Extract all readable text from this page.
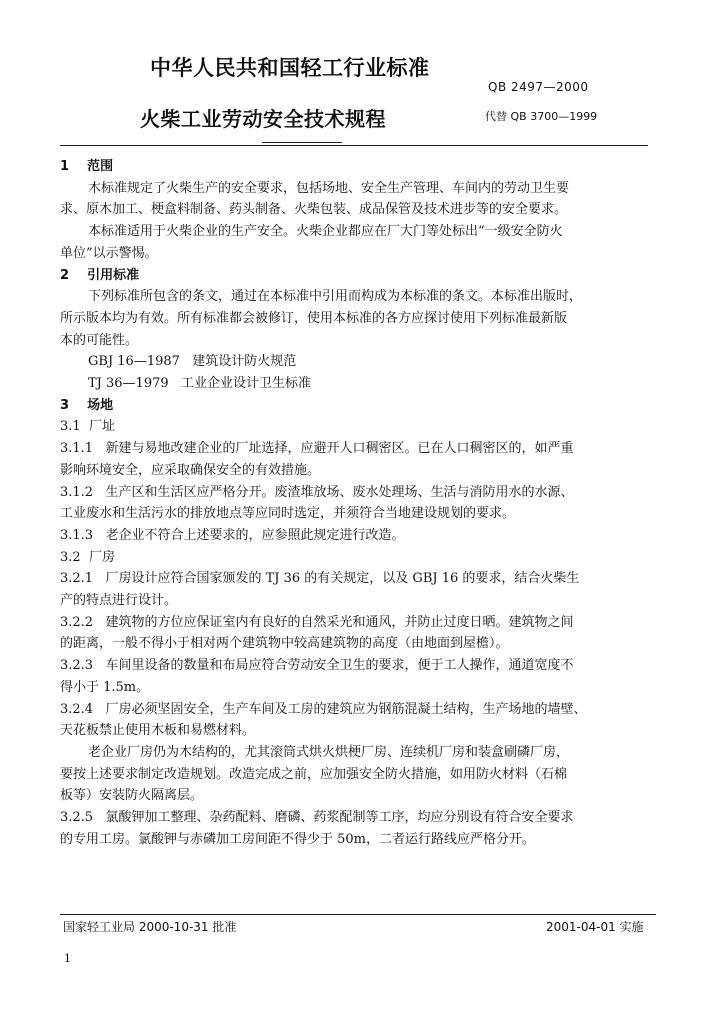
中华人民共和国轻工行业标准
QB 2497—2000
火柴工业劳动安全技术规程	代替 QB 3700—1999

1    范围

木标准规定了火柴生产的安全要求，包括场地、安全生产管理、车间内的劳动卫生要

求、原木加工、梗盒料制备、药头制备、火柴包装、成品保管及技术进步等的安全要求。

本标准适用于火柴企业的生产安全。火柴企业都应在厂大门等处标出“一级安全防火

单位”以示警惕。

2    引用标准

下列标准所包含的条文，通过在本标准中引用而构成为本标准的条文。本标准出版时，

所示版本均为有效。所有标准都会被修订，使用本标准的各方应探讨使用下列标准最新版

本的可能性。

GBJ 16—1987   建筑设计防火规范

TJ 36—1979   工业企业设计卫生标准

3    场地

3.1  厂址

3.1.1   新建与易地改建企业的厂址选择，应避开人口稠密区。已在人口稠密区的，如严重

影响环境安全，应采取确保安全的有效措施。

3.1.2   生产区和生活区应严格分开。废渣堆放场、废水处理场、生活与消防用水的水源、

工业废水和生活污水的排放地点等应同时选定，并须符合当地建设规划的要求。

3.1.3   老企业不符合上述要求的，应参照此规定进行改造。

3.2  厂房

3.2.1   厂房设计应符合国家颁发的 TJ 36 的有关规定，以及 GBJ 16 的要求，结合火柴生

产的特点进行设计。

3.2.2   建筑物的方位应保证室内有良好的自然采光和通风，并防止过度日晒。建筑物之间

的距离，一般不得小于相对两个建筑物中较高建筑物的高度（由地面到屋檐）。

3.2.3   车间里设备的数量和布局应符合劳动安全卫生的要求，便于工人操作，通道宽度不

得小于 1.5m。

3.2.4   厂房必须坚固安全，生产车间及工房的建筑应为钢筋混凝土结构，生产场地的墙壁、

天花板禁止使用木板和易燃材料。

老企业厂房仍为木结构的，尤其滚筒式烘火烘梗厂房、连续机厂房和装盒刷磷厂房，

要按上述要求制定改造规划。改造完成之前，应加强安全防火措施，如用防火材料（石棉

板等）安装防火隔离层。

3.2.5   氯酸钾加工整理、杂药配料、磨磷、药浆配制等工序，均应分别设有符合安全要求

的专用工房。氯酸钾与赤磷加工房间距不得少于 50m，二者运行路线应严格分开。

国家轻工业局 2000-10-31 批准	2001-04-01 实施
1
